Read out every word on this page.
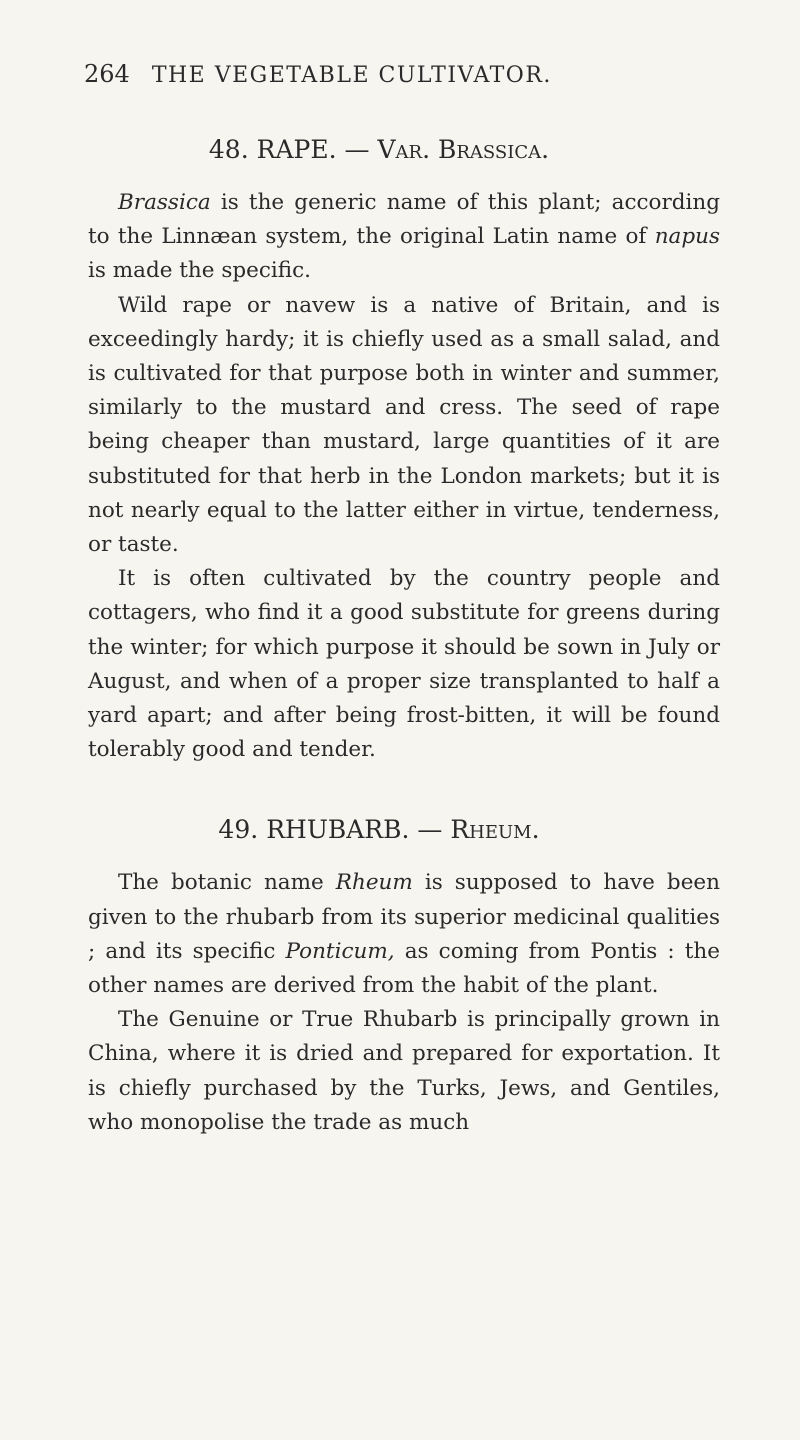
264 THE VEGETABLE CULTIVATOR.
48. RAPE. — Var. Brassica.

Brassica is the generic name of this plant; according to the Linnæan system, the original Latin name of napus is made the specific.

Wild rape or navew is a native of Britain, and is exceedingly hardy; it is chiefly used as a small salad, and is cultivated for that purpose both in winter and summer, similarly to the mustard and cress. The seed of rape being cheaper than mustard, large quantities of it are substituted for that herb in the London markets; but it is not nearly equal to the latter either in virtue, tenderness, or taste.

It is often cultivated by the country people and cottagers, who find it a good substitute for greens during the winter; for which purpose it should be sown in July or August, and when of a proper size transplanted to half a yard apart; and after being frost-bitten, it will be found tolerably good and tender.

49. RHUBARB. — Rheum.

The botanic name Rheum is supposed to have been given to the rhubarb from its superior medicinal qualities ; and its specific Ponticum, as coming from Pontis : the other names are derived from the habit of the plant.

The Genuine or True Rhubarb is principally grown in China, where it is dried and prepared for exportation. It is chiefly purchased by the Turks, Jews, and Gentiles, who monopolise the trade as much
